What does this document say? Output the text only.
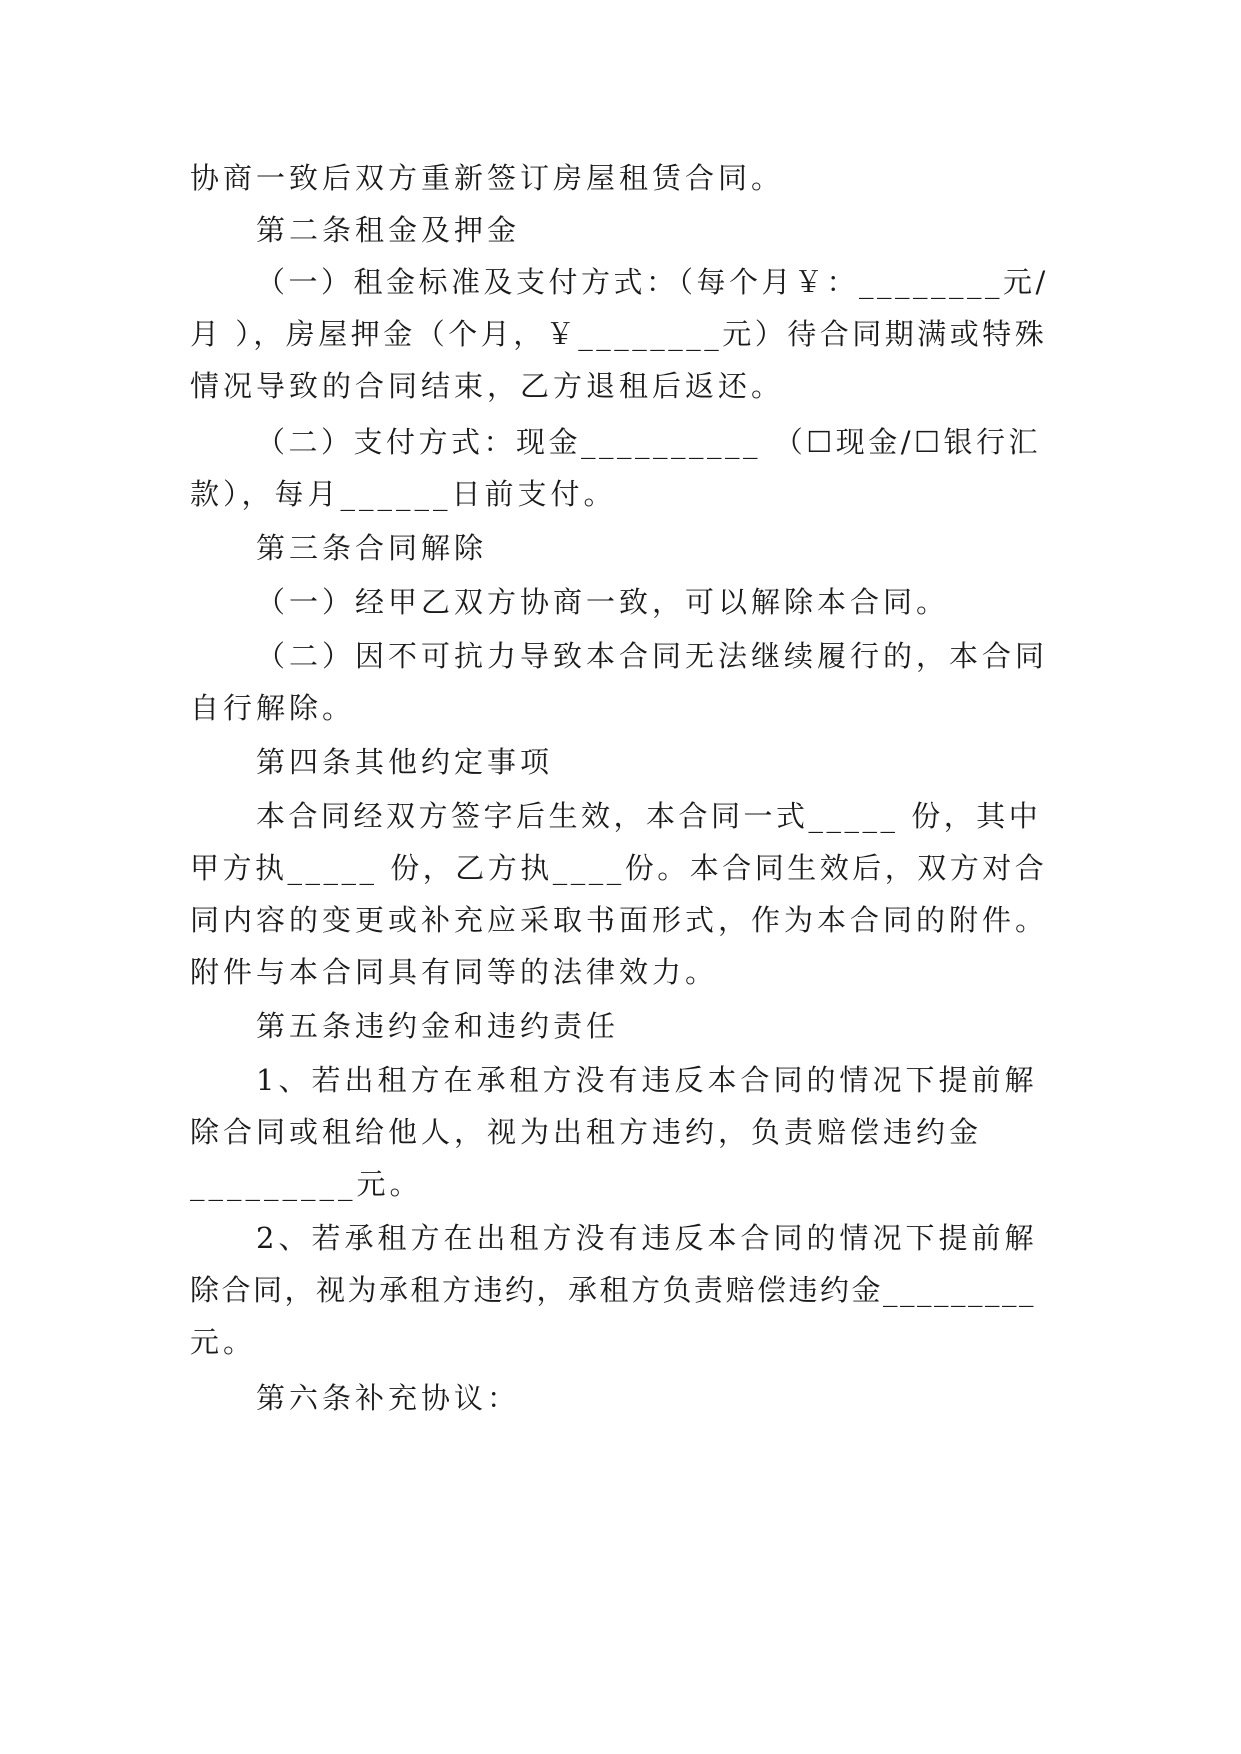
协商一致后双方重新签订房屋租赁合同。
第二条租金及押金
（一）租金标准及支付方式：（每个月￥：________元/
月 ），房屋押金（个月，￥________元）待合同期满或特殊
情况导致的合同结束，乙方退租后返还。
（二）支付方式：现金__________ （☐现金/☐银行汇
款），每月______日前支付。
第三条合同解除
（一）经甲乙双方协商一致，可以解除本合同。
（二）因不可抗力导致本合同无法继续履行的，本合同
自行解除。
第四条其他约定事项
本合同经双方签字后生效，本合同一式_____ 份，其中
甲方执_____ 份，乙方执____份。本合同生效后，双方对合
同内容的变更或补充应采取书面形式，作为本合同的附件。
附件与本合同具有同等的法律效力。
第五条违约金和违约责任
1、若出租方在承租方没有违反本合同的情况下提前解
除合同或租给他人，视为出租方违约，负责赔偿违约金
_________元。
2、若承租方在出租方没有违反本合同的情况下提前解
除合同，视为承租方违约，承租方负责赔偿违约金_________
元。
第六条补充协议：
